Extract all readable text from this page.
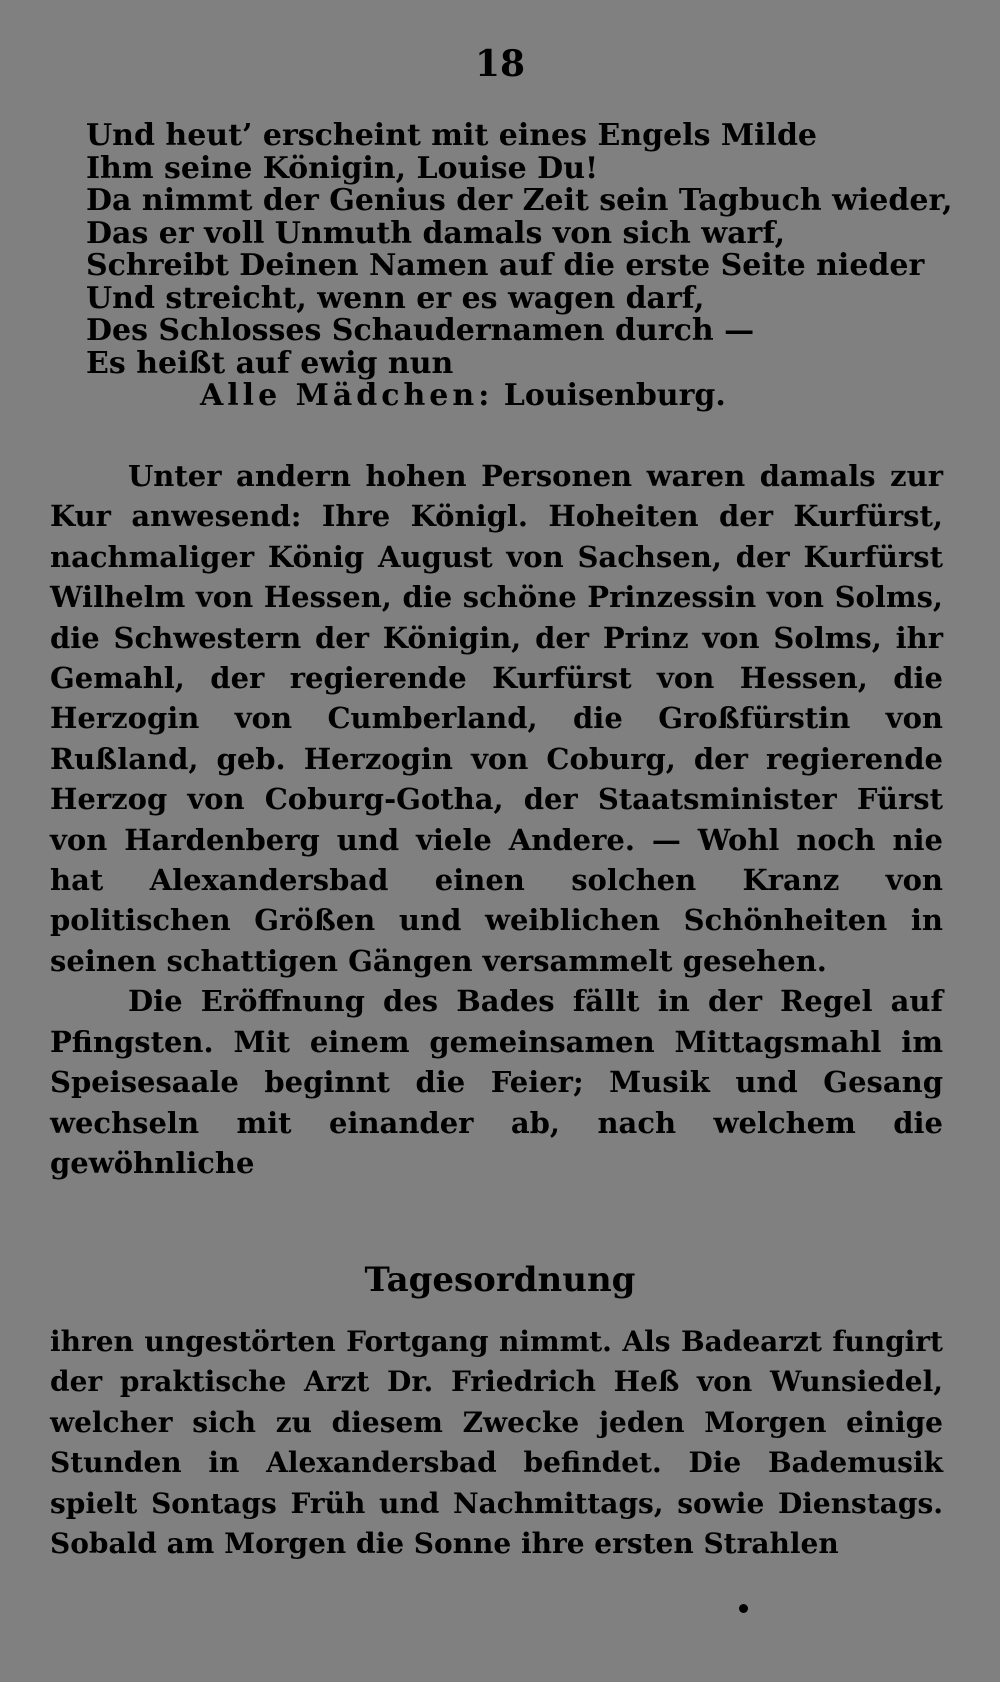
18
Und heut’ erscheint mit eines Engels Milde
Ihm seine Königin, Louise Du!
Da nimmt der Genius der Zeit sein Tagbuch wieder,
Das er voll Unmuth damals von sich warf,
Schreibt Deinen Namen auf die erste Seite nieder
Und streicht, wenn er es wagen darf,
Des Schlosses Schaudernamen durch —
Es heißt auf ewig nun
Alle Mädchen: Louisenburg.

Unter andern hohen Personen waren damals zur Kur anwesend: Ihre Königl. Hoheiten der Kurfürst, nachmaliger König August von Sachsen, der Kurfürst Wilhelm von Hessen, die schöne Prinzessin von Solms, die Schwestern der Königin, der Prinz von Solms, ihr Gemahl, der regierende Kurfürst von Hessen, die Herzogin von Cumberland, die Großfürstin von Rußland, geb. Herzogin von Coburg, der regierende Herzog von Coburg-Gotha, der Staatsminister Fürst von Hardenberg und viele Andere. — Wohl noch nie hat Alexandersbad einen solchen Kranz von politischen Größen und weiblichen Schönheiten in seinen schattigen Gängen versammelt gesehen.

Die Eröffnung des Bades fällt in der Regel auf Pfingsten. Mit einem gemeinsamen Mittagsmahl im Speisesaale beginnt die Feier; Musik und Gesang wechseln mit einander ab, nach welchem die gewöhnliche

Tagesordnung

ihren ungestörten Fortgang nimmt. Als Badearzt fungirt der praktische Arzt Dr. Friedrich Heß von Wunsiedel, welcher sich zu diesem Zwecke jeden Morgen einige Stunden in Alexandersbad befindet. Die Bademusik spielt Sontags Früh und Nachmittags, sowie Dienstags. Sobald am Morgen die Sonne ihre ersten Strahlen
